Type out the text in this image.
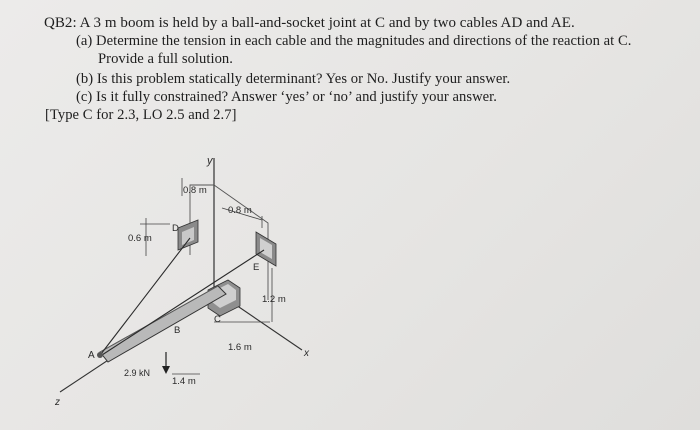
QB2: A 3 m boom is held by a ball-and-socket joint at C and by two cables AD and AE.
(a) Determine the tension in each cable and the magnitudes and directions of the reaction at C.
Provide a full solution.
(b) Is this problem statically determinant? Yes or No. Justify your answer.
(c) Is it fully constrained? Answer ‘yes’ or ‘no’ and justify your answer.
[Type C for 2.3, LO 2.5 and 2.7]
y
x
z
0.8 m
0.8 m
0.6 m
D
E
1.2 m
C
A
B
1.6 m
2.9 kN
1.4 m
